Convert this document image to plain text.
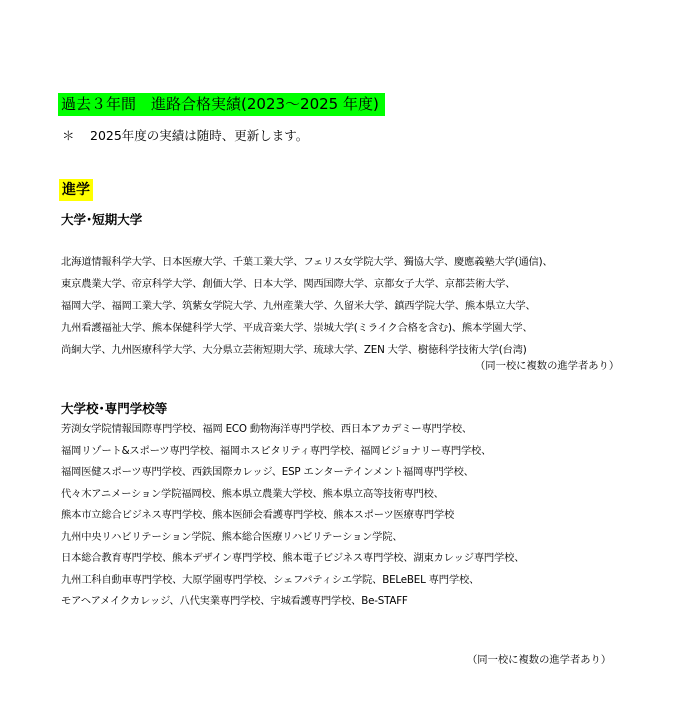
過去３年間　進路合格実績(2023～2025 年度)
＊ 2025年度の実績は随時、更新します。
進学
大学･短期大学
北海道情報科学大学、日本医療大学、千葉工業大学、フェリス女学院大学、獨協大学、慶應義塾大学(通信)、
東京農業大学、帝京科学大学、創価大学、日本大学、関西国際大学、京都女子大学、京都芸術大学、
福岡大学、福岡工業大学、筑紫女学院大学、九州産業大学、久留米大学、鎮西学院大学、熊本県立大学、
九州看護福祉大学、熊本保健科学大学、平成音楽大学、崇城大学(ミライク合格を含む)、熊本学園大学、
尚絅大学、九州医療科学大学、大分県立芸術短期大学、琉球大学、ZEN 大学、樹徳科学技術大学(台湾)
（同一校に複数の進学者あり）
大学校･専門学校等
芳渕女学院情報国際専門学校、福岡 ECO 動物海洋専門学校、西日本アカデミー専門学校、
福岡リゾート&スポーツ専門学校、福岡ホスピタリティ専門学校、福岡ビジョナリー専門学校、
福岡医健スポーツ専門学校、西鉄国際カレッジ、ESP エンターテインメント福岡専門学校、
代々木アニメーション学院福岡校、熊本県立農業大学校、熊本県立高等技術専門校、
熊本市立総合ビジネス専門学校、熊本医師会看護専門学校、熊本スポーツ医療専門学校
九州中央リハビリテーション学院、熊本総合医療リハビリテーション学院、
日本総合教育専門学校、熊本デザイン専門学校、熊本電子ビジネス専門学校、湖東カレッジ専門学校、
九州工科自動車専門学校、大原学園専門学校、シェフパティシエ学院、BELeBEL 専門学校、
モアヘアメイクカレッジ、八代実業専門学校、宇城看護専門学校、Be-STAFF
（同一校に複数の進学者あり）
